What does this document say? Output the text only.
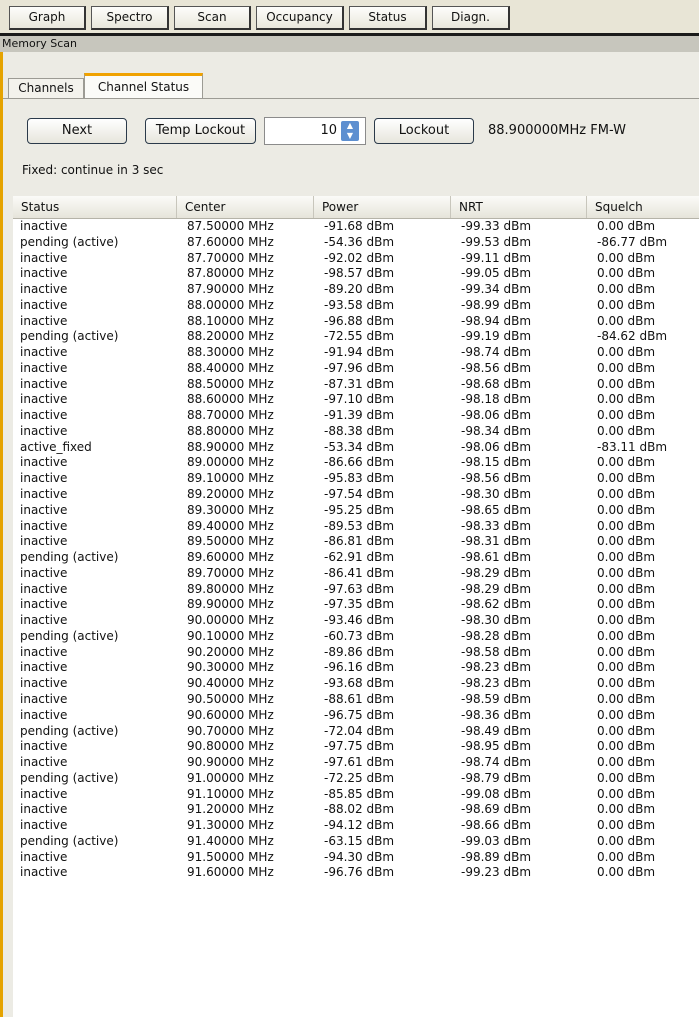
Graph	Spectro	Scan	Occupancy	Status	Diagn.
Memory Scan
Channels	Channel Status
Next	Temp Lockout	10	▲
▼	Lockout	88.900000MHz FM-W
Fixed: continue in 3 sec
Status	Center	Power	NRT	Squelch
inactive	87.50000 MHz	-91.68 dBm	-99.33 dBm	0.00 dBm
pending (active)	87.60000 MHz	-54.36 dBm	-99.53 dBm	-86.77 dBm
inactive	87.70000 MHz	-92.02 dBm	-99.11 dBm	0.00 dBm
inactive	87.80000 MHz	-98.57 dBm	-99.05 dBm	0.00 dBm
inactive	87.90000 MHz	-89.20 dBm	-99.34 dBm	0.00 dBm
inactive	88.00000 MHz	-93.58 dBm	-98.99 dBm	0.00 dBm
inactive	88.10000 MHz	-96.88 dBm	-98.94 dBm	0.00 dBm
pending (active)	88.20000 MHz	-72.55 dBm	-99.19 dBm	-84.62 dBm
inactive	88.30000 MHz	-91.94 dBm	-98.74 dBm	0.00 dBm
inactive	88.40000 MHz	-97.96 dBm	-98.56 dBm	0.00 dBm
inactive	88.50000 MHz	-87.31 dBm	-98.68 dBm	0.00 dBm
inactive	88.60000 MHz	-97.10 dBm	-98.18 dBm	0.00 dBm
inactive	88.70000 MHz	-91.39 dBm	-98.06 dBm	0.00 dBm
inactive	88.80000 MHz	-88.38 dBm	-98.34 dBm	0.00 dBm
active_fixed	88.90000 MHz	-53.34 dBm	-98.06 dBm	-83.11 dBm
inactive	89.00000 MHz	-86.66 dBm	-98.15 dBm	0.00 dBm
inactive	89.10000 MHz	-95.83 dBm	-98.56 dBm	0.00 dBm
inactive	89.20000 MHz	-97.54 dBm	-98.30 dBm	0.00 dBm
inactive	89.30000 MHz	-95.25 dBm	-98.65 dBm	0.00 dBm
inactive	89.40000 MHz	-89.53 dBm	-98.33 dBm	0.00 dBm
inactive	89.50000 MHz	-86.81 dBm	-98.31 dBm	0.00 dBm
pending (active)	89.60000 MHz	-62.91 dBm	-98.61 dBm	0.00 dBm
inactive	89.70000 MHz	-86.41 dBm	-98.29 dBm	0.00 dBm
inactive	89.80000 MHz	-97.63 dBm	-98.29 dBm	0.00 dBm
inactive	89.90000 MHz	-97.35 dBm	-98.62 dBm	0.00 dBm
inactive	90.00000 MHz	-93.46 dBm	-98.30 dBm	0.00 dBm
pending (active)	90.10000 MHz	-60.73 dBm	-98.28 dBm	0.00 dBm
inactive	90.20000 MHz	-89.86 dBm	-98.58 dBm	0.00 dBm
inactive	90.30000 MHz	-96.16 dBm	-98.23 dBm	0.00 dBm
inactive	90.40000 MHz	-93.68 dBm	-98.23 dBm	0.00 dBm
inactive	90.50000 MHz	-88.61 dBm	-98.59 dBm	0.00 dBm
inactive	90.60000 MHz	-96.75 dBm	-98.36 dBm	0.00 dBm
pending (active)	90.70000 MHz	-72.04 dBm	-98.49 dBm	0.00 dBm
inactive	90.80000 MHz	-97.75 dBm	-98.95 dBm	0.00 dBm
inactive	90.90000 MHz	-97.61 dBm	-98.74 dBm	0.00 dBm
pending (active)	91.00000 MHz	-72.25 dBm	-98.79 dBm	0.00 dBm
inactive	91.10000 MHz	-85.85 dBm	-99.08 dBm	0.00 dBm
inactive	91.20000 MHz	-88.02 dBm	-98.69 dBm	0.00 dBm
inactive	91.30000 MHz	-94.12 dBm	-98.66 dBm	0.00 dBm
pending (active)	91.40000 MHz	-63.15 dBm	-99.03 dBm	0.00 dBm
inactive	91.50000 MHz	-94.30 dBm	-98.89 dBm	0.00 dBm
inactive	91.60000 MHz	-96.76 dBm	-99.23 dBm	0.00 dBm
